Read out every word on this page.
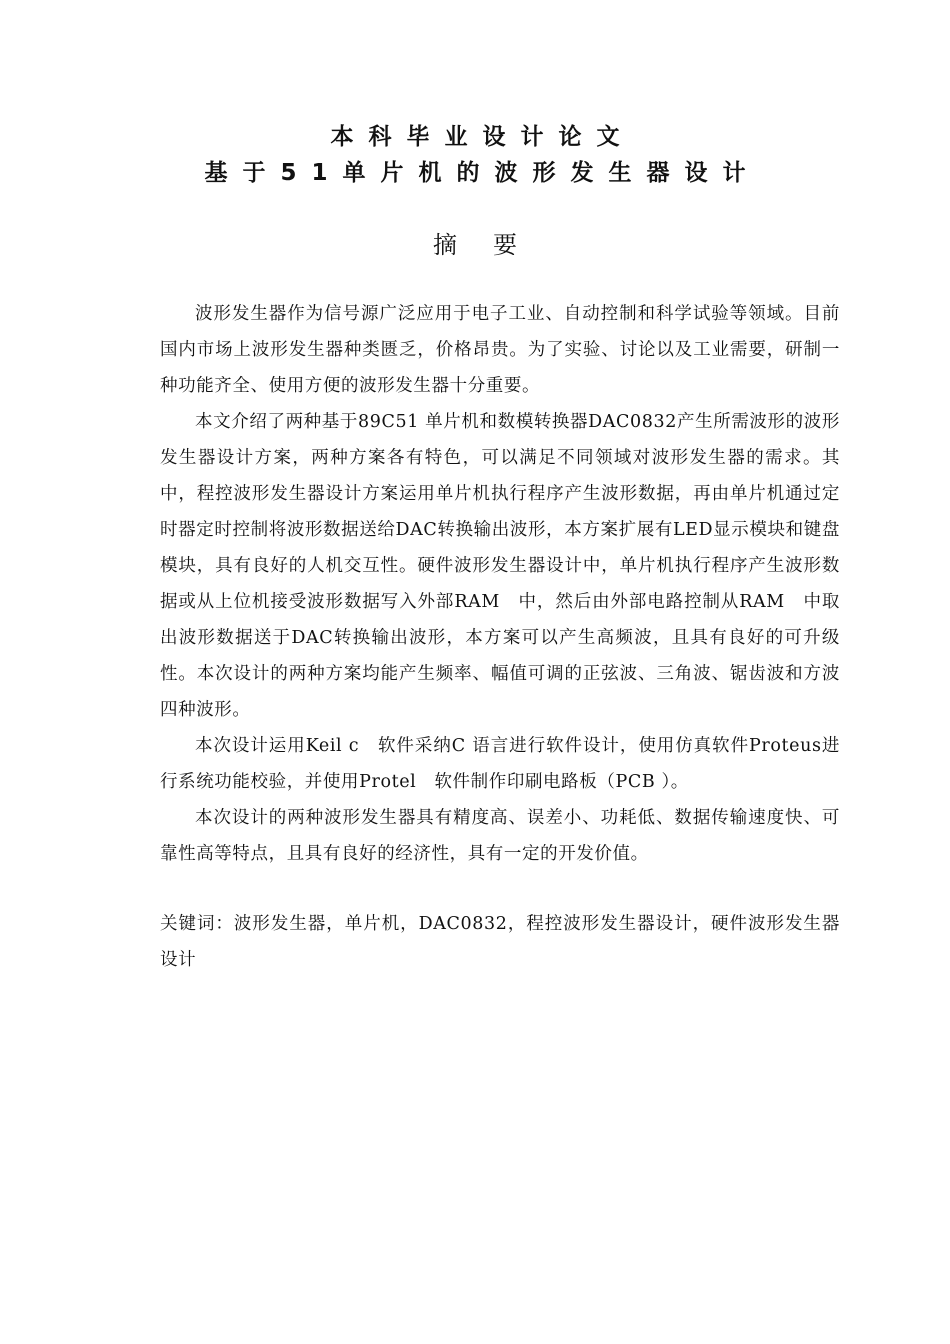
本科毕业设计论文
基于51单片机的波形发生器设计
摘要

波形发生器作为信号源广泛应用于电子工业、自动控制和科学试验等领域。目前国内市场上波形发生器种类匮乏，价格昂贵。为了实验、讨论以及工业需要，研制一种功能齐全、使用方便的波形发生器十分重要。

本文介绍了两种基于89C51 单片机和数模转换器DAC0832产生所需波形的波形发生器设计方案，两种方案各有特色，可以满足不同领域对波形发生器的需求。其中，程控波形发生器设计方案运用单片机执行程序产生波形数据，再由单片机通过定时器定时控制将波形数据送给DAC转换输出波形，本方案扩展有LED显示模块和键盘模块，具有良好的人机交互性。硬件波形发生器设计中，单片机执行程序产生波形数据或从上位机接受波形数据写入外部RAM　中，然后由外部电路控制从RAM　中取出波形数据送于DAC转换输出波形，本方案可以产生高频波，且具有良好的可升级性。本次设计的两种方案均能产生频率、幅值可调的正弦波、三角波、锯齿波和方波四种波形。

本次设计运用Keil c　软件采纳C 语言进行软件设计，使用仿真软件Proteus进行系统功能校验，并使用Protel　软件制作印刷电路板（PCB ）。

本次设计的两种波形发生器具有精度高、误差小、功耗低、数据传输速度快、可靠性高等特点，且具有良好的经济性，具有一定的开发价值。

关键词：波形发生器，单片机，DAC0832，程控波形发生器设计，硬件波形发生器设计
